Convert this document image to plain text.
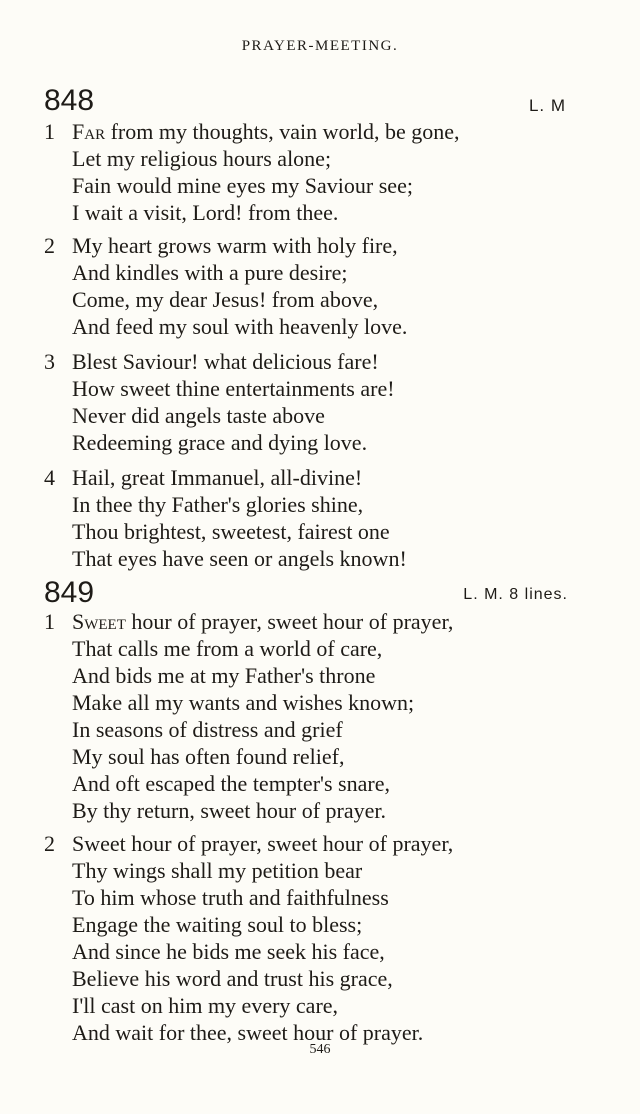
PRAYER-MEETING.
848	L. M
1 Far from my thoughts, vain world, be gone,
Let my religious hours alone;
Fain would mine eyes my Saviour see;
I wait a visit, Lord! from thee.
2 My heart grows warm with holy fire,
And kindles with a pure desire;
Come, my dear Jesus! from above,
And feed my soul with heavenly love.
3 Blest Saviour! what delicious fare!
How sweet thine entertainments are!
Never did angels taste above
Redeeming grace and dying love.
4 Hail, great Immanuel, all-divine!
In thee thy Father's glories shine,
Thou brightest, sweetest, fairest one
That eyes have seen or angels known!
849	L. M. 8 lines.
1 Sweet hour of prayer, sweet hour of prayer,
That calls me from a world of care,
And bids me at my Father's throne
Make all my wants and wishes known;
In seasons of distress and grief
My soul has often found relief,
And oft escaped the tempter's snare,
By thy return, sweet hour of prayer.
2 Sweet hour of prayer, sweet hour of prayer,
Thy wings shall my petition bear
To him whose truth and faithfulness
Engage the waiting soul to bless;
And since he bids me seek his face,
Believe his word and trust his grace,
I'll cast on him my every care,
And wait for thee, sweet hour of prayer.
546
